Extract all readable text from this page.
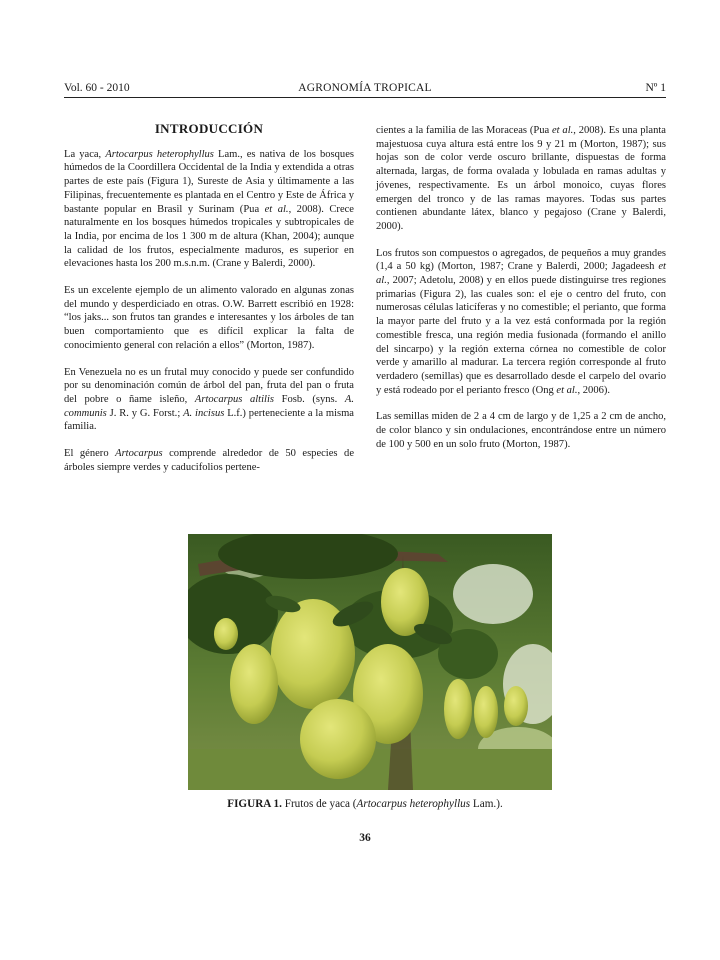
Vol. 60 - 2010	AGRONOMÍA TROPICAL	Nº 1
INTRODUCCIÓN

La yaca, Artocarpus heterophyllus Lam., es nativa de los bosques húmedos de la Coordillera Occidental de la India y extendida a otras partes de este país (Figura 1), Sureste de Asia y últimamente a las Filipinas, frecuentemente es plantada en el Centro y Este de África y bastante popular en Brasil y Surinam (Pua et al., 2008). Crece naturalmente en los bosques húmedos tropicales y subtropicales de la India, por encima de los 1 300 m de altura (Khan, 2004); aunque la calidad de los frutos, especialmente maduros, es superior en elevaciones hasta los 200 m.s.n.m. (Crane y Balerdi, 2000).

Es un excelente ejemplo de un alimento valorado en algunas zonas del mundo y desperdiciado en otras. O.W. Barrett escribió en 1928: “los jaks... son frutos tan grandes e interesantes y los árboles de tan buen comportamiento que es difícil explicar la falta de conocimiento general con relación a ellos” (Morton, 1987).

En Venezuela no es un frutal muy conocido y puede ser confundido por su denominación común de árbol del pan, fruta del pan o fruta del pobre o ñame isleño, Artocarpus altilis Fosb. (syns. A. communis J. R. y G. Forst.; A. incisus L.f.) perteneciente a la misma familia.

El género Artocarpus comprende alrededor de 50 especies de árboles siempre verdes y caducifolios pertene-

cientes a la familia de las Moraceas (Pua et al., 2008). Es una planta majestuosa cuya altura está entre los 9 y 21 m (Morton, 1987); sus hojas son de color verde oscuro brillante, dispuestas de forma alternada, largas, de forma ovalada y lobulada en ramas adultas y jóvenes, respectivamente. Es un árbol monoico, cuyas flores emergen del tronco y de las ramas mayores. Todas sus partes contienen abundante látex, blanco y pegajoso (Crane y Balerdi, 2000).

Los frutos son compuestos o agregados, de pequeños a muy grandes (1,4 a 50 kg) (Morton, 1987; Crane y Balerdi, 2000; Jagadeesh et al., 2007; Adetolu, 2008) y en ellos puede distinguirse tres regiones primarias (Figura 2), las cuales son: el eje o centro del fruto, con numerosas células laticíferas y no comestible; el perianto, que forma la mayor parte del fruto y a la vez está conformada por la región comestible fresca, una región media fusionada (formando el anillo del sincarpo) y la región externa córnea no comestible de color verde y amarillo al madurar. La tercera región corresponde al fruto verdadero (semillas) que es desarrollado desde el carpelo del ovario y está rodeado por el perianto fresco (Ong et al., 2006).

Las semillas miden de 2 a 4 cm de largo y de 1,25 a 2 cm de ancho, de color blanco y sin ondulaciones, encontrándose entre un número de 100 y 500 en un solo fruto (Morton, 1987).

FIGURA 1. Frutos de yaca (Artocarpus heterophyllus Lam.).
36
